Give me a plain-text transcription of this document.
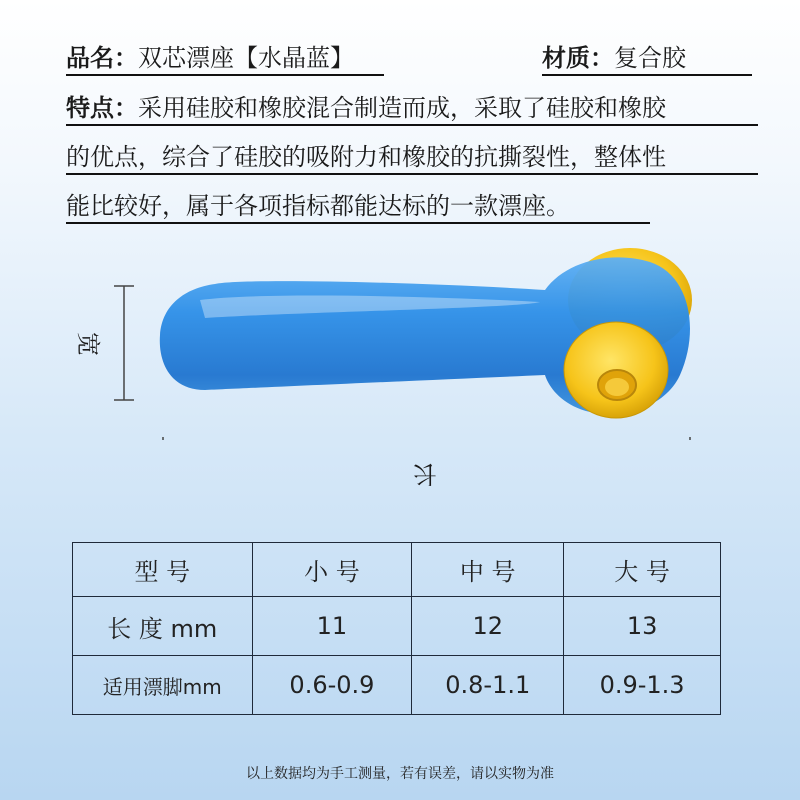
品名：双芯漂座【水晶蓝】	材质：复合胶
特点：采用硅胶和橡胶混合制造而成，采取了硅胶和橡胶
的优点，综合了硅胶的吸附力和橡胶的抗撕裂性，整体性
能比较好，属于各项指标都能达标的一款漂座。
宽
长
型 号	小 号	中 号	大 号
长 度 mm	11	12	13
适用漂脚mm	0.6-0.9	0.8-1.1	0.9-1.3
以上数据均为手工测量，若有误差，请以实物为准
